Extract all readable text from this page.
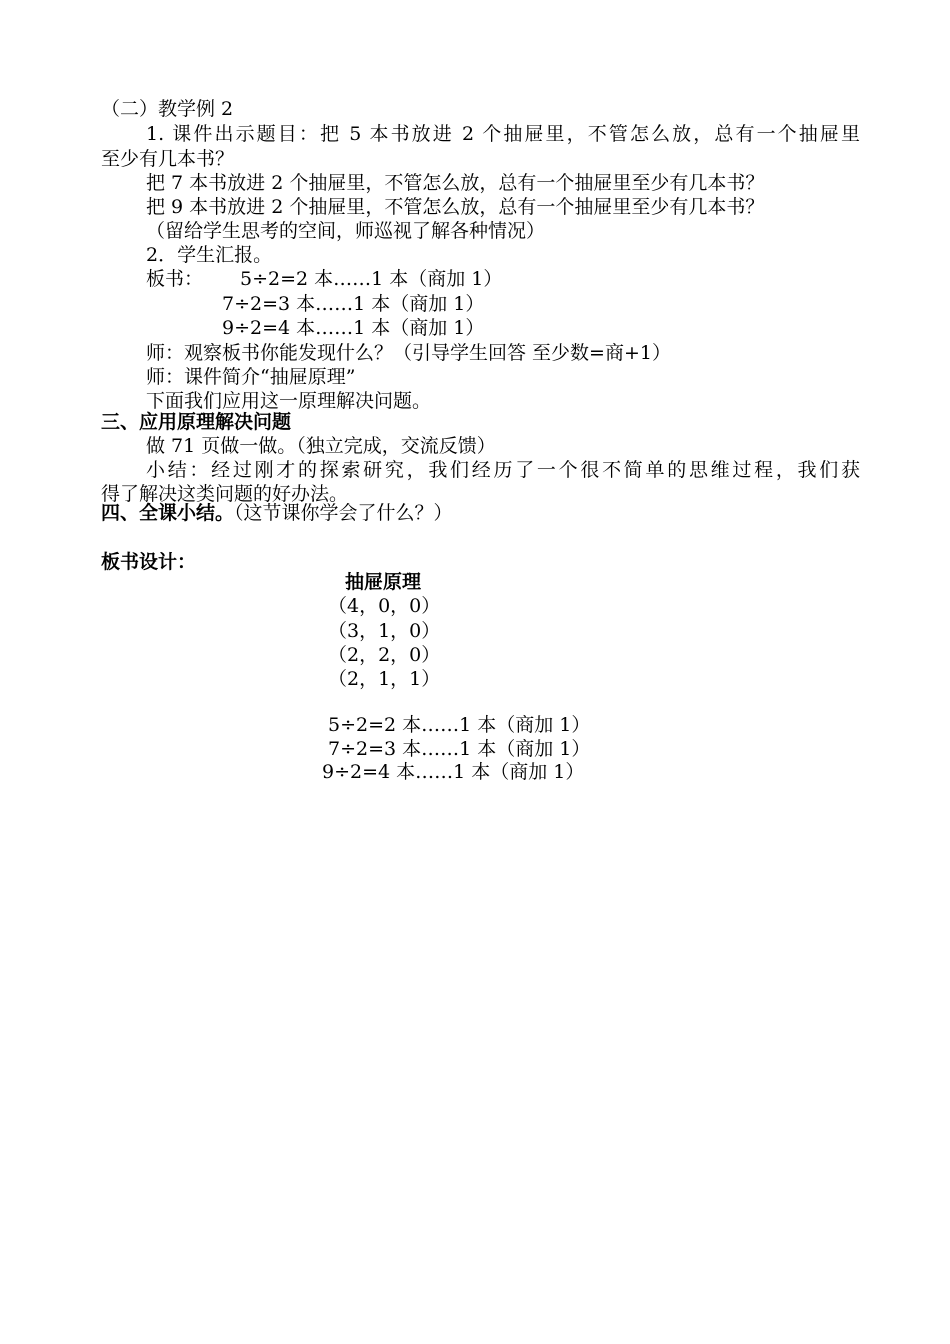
（二）教学例 2
1. 课件出示题目：把 5 本书放进 2 个抽屉里，不管怎么放，总有一个抽屉里
至少有几本书？
把 7 本书放进 2 个抽屉里，不管怎么放，总有一个抽屉里至少有几本书？
把 9 本书放进 2 个抽屉里，不管怎么放，总有一个抽屉里至少有几本书？
（留给学生思考的空间，师巡视了解各种情况）
2．学生汇报。
板书： 5÷2=2 本……1 本（商加 1）
7÷2=3 本……1 本（商加 1）
9÷2=4 本……1 本（商加 1）
师：观察板书你能发现什么？（引导学生回答 至少数=商+1）
师：课件简介“抽屉原理”
下面我们应用这一原理解决问题。
三、应用原理解决问题
做 71 页做一做。（独立完成，交流反馈）
小结：经过刚才的探索研究，我们经历了一个很不简单的思维过程，我们获
得了解决这类问题的好办法。
四、全课小结。（这节课你学会了什么？）
板书设计：
抽屉原理
（4，0，0）
（3，1，0）
（2，2，0）
（2，1，1）
5÷2=2 本……1 本（商加 1）
7÷2=3 本……1 本（商加 1）
9÷2=4 本……1 本（商加 1）
